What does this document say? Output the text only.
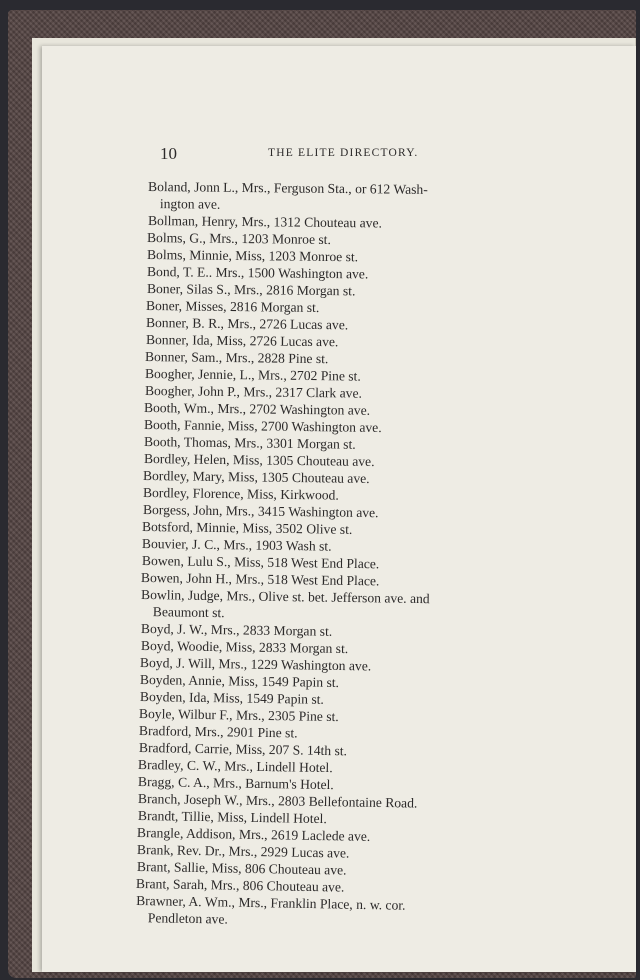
10	THE ELITE DIRECTORY.
Boland, Jonn L., Mrs., Ferguson Sta., or 612 Wash-
ington ave.
Bollman, Henry, Mrs., 1312 Chouteau ave.
Bolms, G., Mrs., 1203 Monroe st.
Bolms, Minnie, Miss, 1203 Monroe st.
Bond, T. E.. Mrs., 1500 Washington ave.
Boner, Silas S., Mrs., 2816 Morgan st.
Boner, Misses, 2816 Morgan st.
Bonner, B. R., Mrs., 2726 Lucas ave.
Bonner, Ida, Miss, 2726 Lucas ave.
Bonner, Sam., Mrs., 2828 Pine st.
Boogher, Jennie, L., Mrs., 2702 Pine st.
Boogher, John P., Mrs., 2317 Clark ave.
Booth, Wm., Mrs., 2702 Washington ave.
Booth, Fannie, Miss, 2700 Washington ave.
Booth, Thomas, Mrs., 3301 Morgan st.
Bordley, Helen, Miss, 1305 Chouteau ave.
Bordley, Mary, Miss, 1305 Chouteau ave.
Bordley, Florence, Miss, Kirkwood.
Borgess, John, Mrs., 3415 Washington ave.
Botsford, Minnie, Miss, 3502 Olive st.
Bouvier, J. C., Mrs., 1903 Wash st.
Bowen, Lulu S., Miss, 518 West End Place.
Bowen, John H., Mrs., 518 West End Place.
Bowlin, Judge, Mrs., Olive st. bet. Jefferson ave. and
Beaumont st.
Boyd, J. W., Mrs., 2833 Morgan st.
Boyd, Woodie, Miss, 2833 Morgan st.
Boyd, J. Will, Mrs., 1229 Washington ave.
Boyden, Annie, Miss, 1549 Papin st.
Boyden, Ida, Miss, 1549 Papin st.
Boyle, Wilbur F., Mrs., 2305 Pine st.
Bradford, Mrs., 2901 Pine st.
Bradford, Carrie, Miss, 207 S. 14th st.
Bradley, C. W., Mrs., Lindell Hotel.
Bragg, C. A., Mrs., Barnum's Hotel.
Branch, Joseph W., Mrs., 2803 Bellefontaine Road.
Brandt, Tillie, Miss, Lindell Hotel.
Brangle, Addison, Mrs., 2619 Laclede ave.
Brank, Rev. Dr., Mrs., 2929 Lucas ave.
Brant, Sallie, Miss, 806 Chouteau ave.
Brant, Sarah, Mrs., 806 Chouteau ave.
Brawner, A. Wm., Mrs., Franklin Place, n. w. cor.
Pendleton ave.
